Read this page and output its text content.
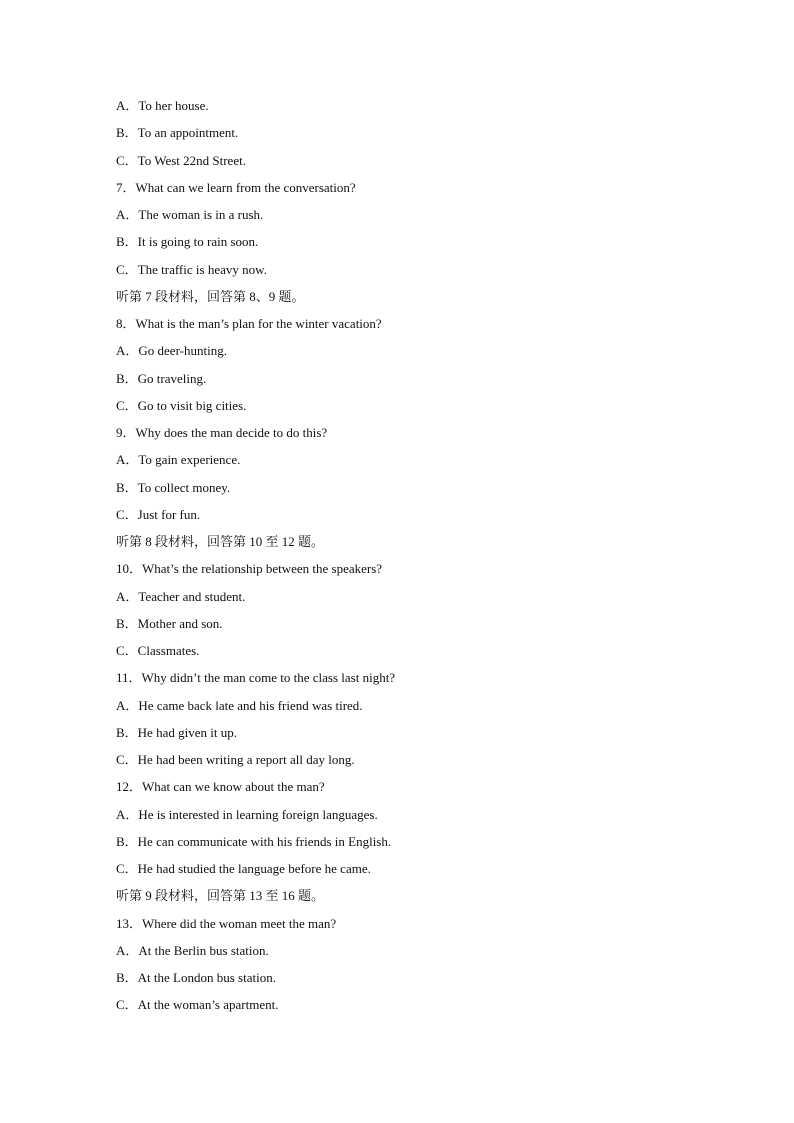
A．To her house.
B．To an appointment.
C．To West 22nd Street.
7．What can we learn from the conversation?
A．The woman is in a rush.
B．It is going to rain soon.
C．The traffic is heavy now.
听第 7 段材料，回答第 8、9 题。
8．What is the man’s plan for the winter vacation?
A．Go deer-hunting.
B．Go traveling.
C．Go to visit big cities.
9．Why does the man decide to do this?
A．To gain experience.
B．To collect money.
C．Just for fun.
听第 8 段材料，回答第 10 至 12 题。
10．What’s the relationship between the speakers?
A．Teacher and student.
B．Mother and son.
C．Classmates.
11．Why didn’t the man come to the class last night?
A．He came back late and his friend was tired.
B．He had given it up.
C．He had been writing a report all day long.
12．What can we know about the man?
A．He is interested in learning foreign languages.
B．He can communicate with his friends in English.
C．He had studied the language before he came.
听第 9 段材料，回答第 13 至 16 题。
13．Where did the woman meet the man?
A．At the Berlin bus station.
B．At the London bus station.
C．At the woman’s apartment.
